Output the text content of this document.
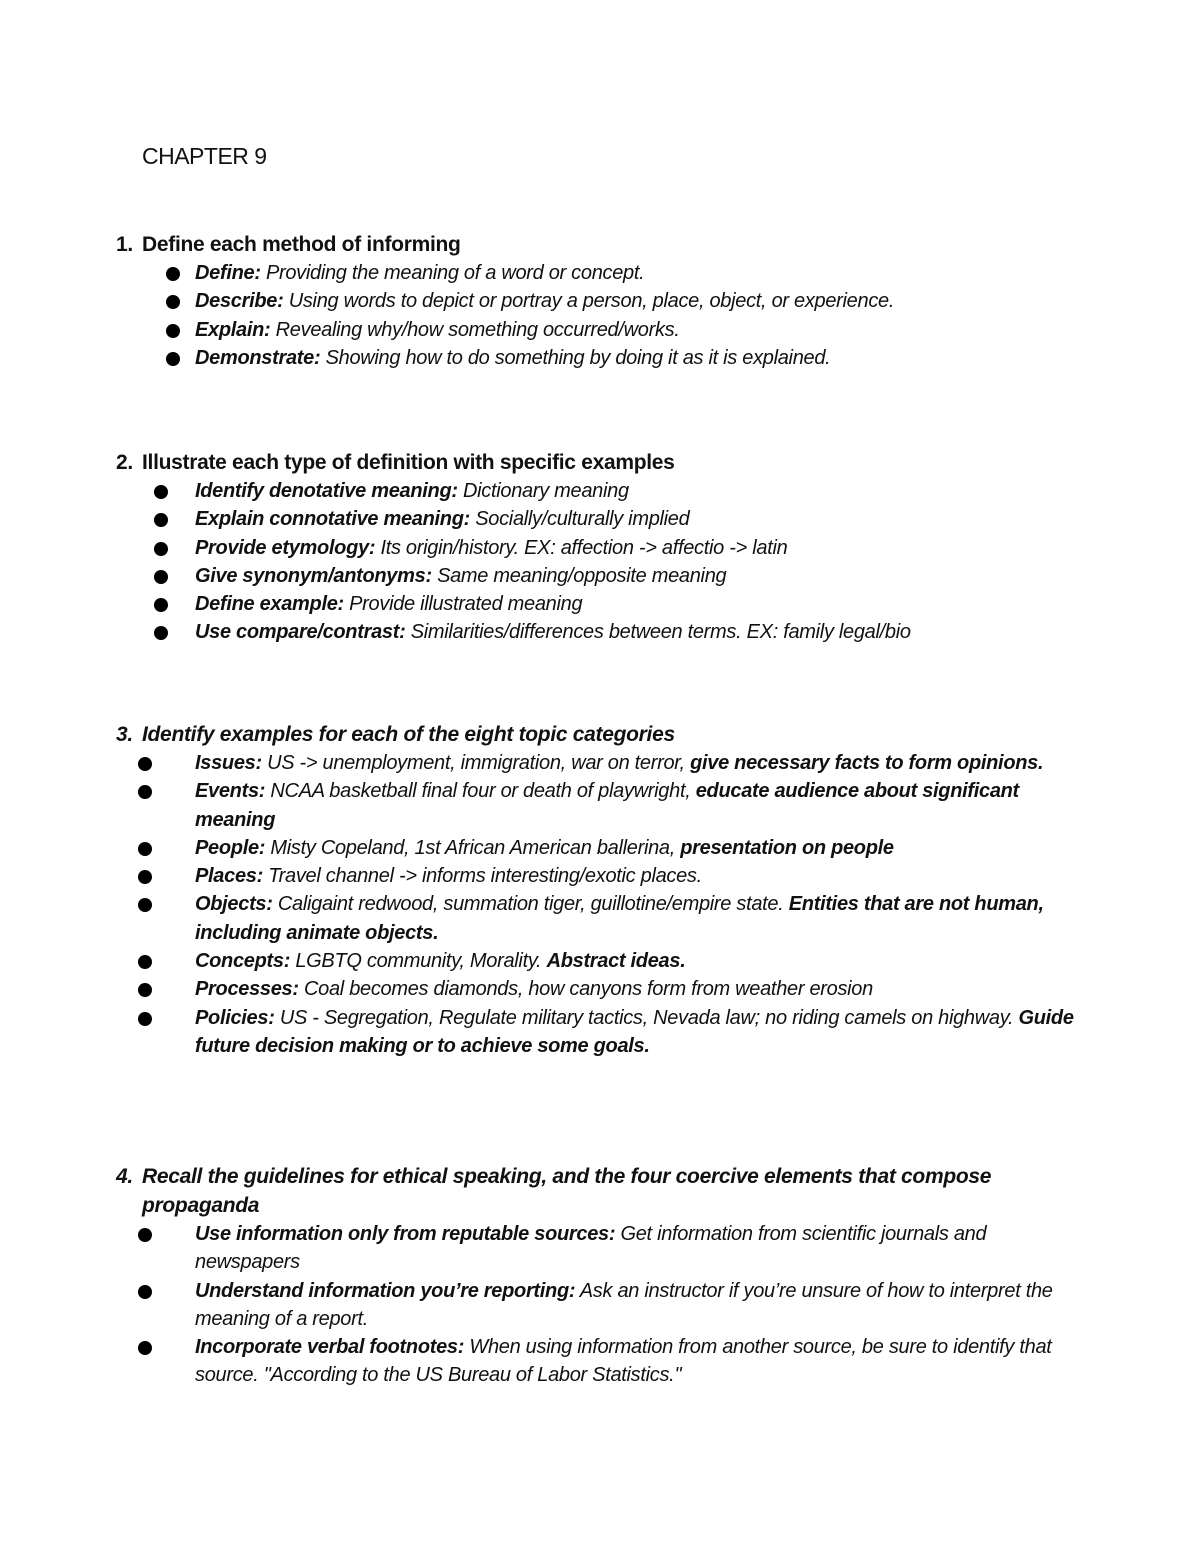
CHAPTER 9

1. Define each method of informing

Define: Providing the meaning of a word or concept.
Describe: Using words to depict or portray a person, place, object, or experience.
Explain: Revealing why/how something occurred/works.
Demonstrate: Showing how to do something by doing it as it is explained.

2. Illustrate each type of definition with specific examples

Identify denotative meaning: Dictionary meaning
Explain connotative meaning: Socially/culturally implied
Provide etymology: Its origin/history. EX: affection -> affectio -> latin
Give synonym/antonyms: Same meaning/opposite meaning
Define example: Provide illustrated meaning
Use compare/contrast: Similarities/differences between terms. EX: family legal/bio

3. Identify examples for each of the eight topic categories

Issues: US -> unemployment, immigration, war on terror, give necessary facts to form opinions.
Events: NCAA basketball final four or death of playwright, educate audience about significant meaning
People: Misty Copeland, 1st African American ballerina, presentation on people
Places: Travel channel -> informs interesting/exotic places.
Objects: Caligaint redwood, summation tiger, guillotine/empire state. Entities that are not human, including animate objects.
Concepts: LGBTQ community, Morality. Abstract ideas.
Processes: Coal becomes diamonds, how canyons form from weather erosion
Policies: US - Segregation, Regulate military tactics, Nevada law; no riding camels on highway. Guide future decision making or to achieve some goals.

4. Recall the guidelines for ethical speaking, and the four coercive elements that compose propaganda

Use information only from reputable sources: Get information from scientific journals and newspapers
Understand information you’re reporting: Ask an instructor if you’re unsure of how to interpret the meaning of a report.
Incorporate verbal footnotes: When using information from another source, be sure to identify that source. "According to the US Bureau of Labor Statistics."
